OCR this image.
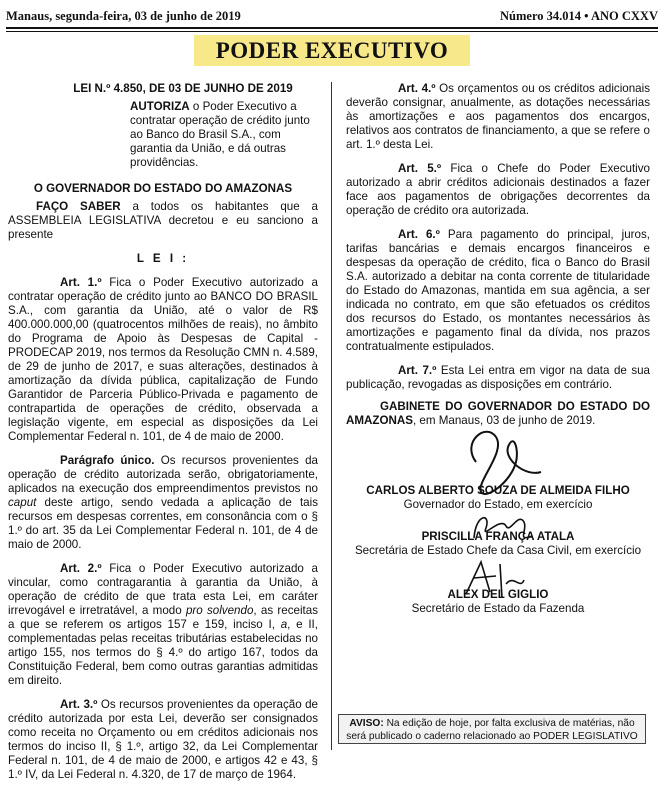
Manaus, segunda-feira, 03 de junho de 2019	Número 34.014 • ANO CXXV
PODER EXECUTIVO

LEI N.º 4.850, DE 03 DE JUNHO DE 2019

AUTORIZA o Poder Executivo a contratar operação de crédito junto ao Banco do Brasil S.A., com garantia da União, e dá outras providências.

O GOVERNADOR DO ESTADO DO AMAZONAS

FAÇO SABER a todos os habitantes que a ASSEMBLEIA LEGISLATIVA decretou e eu sanciono a presente

L E I :

Art. 1.º Fica o Poder Executivo autorizado a contratar operação de crédito junto ao BANCO DO BRASIL S.A., com garantia da União, até o valor de R$ 400.000.000,00 (quatrocentos milhões de reais), no âmbito do Programa de Apoio às Despesas de Capital - PRODECAP 2019, nos termos da Resolução CMN n. 4.589, de 29 de junho de 2017, e suas alterações, destinados à amortização da dívida pública, capitalização de Fundo Garantidor de Parceria Público-Privada e pagamento de contrapartida de operações de crédito, observada a legislação vigente, em especial as disposições da Lei Complementar Federal n. 101, de 4 de maio de 2000.

Parágrafo único. Os recursos provenientes da operação de crédito autorizada serão, obrigatoriamente, aplicados na execução dos empreendimentos previstos no caput deste artigo, sendo vedada a aplicação de tais recursos em despesas correntes, em consonância com o § 1.º do art. 35 da Lei Complementar Federal n. 101, de 4 de maio de 2000.

Art. 2.º Fica o Poder Executivo autorizado a vincular, como contragarantia à garantia da União, à operação de crédito de que trata esta Lei, em caráter irrevogável e irretratável, a modo pro solvendo, as receitas a que se referem os artigos 157 e 159, inciso I, a, e II, complementadas pelas receitas tributárias estabelecidas no artigo 155, nos termos do § 4.º do artigo 167, todos da Constituição Federal, bem como outras garantias admitidas em direito.

Art. 3.º Os recursos provenientes da operação de crédito autorizada por esta Lei, deverão ser consignados como receita no Orçamento ou em créditos adicionais nos termos do inciso II, § 1.º, artigo 32, da Lei Complementar Federal n. 101, de 4 de maio de 2000, e artigos 42 e 43, § 1.º IV, da Lei Federal n. 4.320, de 17 de março de 1964.

Art. 4.º Os orçamentos ou os créditos adicionais deverão consignar, anualmente, as dotações necessárias às amortizações e aos pagamentos dos encargos, relativos aos contratos de financiamento, a que se refere o art. 1.º desta Lei.

Art. 5.º Fica o Chefe do Poder Executivo autorizado a abrir créditos adicionais destinados a fazer face aos pagamentos de obrigações decorrentes da operação de crédito ora autorizada.

Art. 6.º Para pagamento do principal, juros, tarifas bancárias e demais encargos financeiros e despesas da operação de crédito, fica o Banco do Brasil S.A. autorizado a debitar na conta corrente de titularidade do Estado do Amazonas, mantida em sua agência, a ser indicada no contrato, em que são efetuados os créditos dos recursos do Estado, os montantes necessários às amortizações e pagamento final da dívida, nos prazos contratualmente estipulados.

Art. 7.º Esta Lei entra em vigor na data de sua publicação, revogadas as disposições em contrário.

GABINETE DO GOVERNADOR DO ESTADO DO AMAZONAS, em Manaus, 03 de junho de 2019.

CARLOS ALBERTO SOUZA DE ALMEIDA FILHO
Governador do Estado, em exercício
PRISCILLA FRANÇA ATALA
Secretária de Estado Chefe da Casa Civil, em exercício
ALEX DEL GIGLIO
Secretário de Estado da Fazenda
AVISO: Na edição de hoje, por falta exclusiva de matérias, não será publicado o caderno relacionado ao PODER LEGISLATIVO
